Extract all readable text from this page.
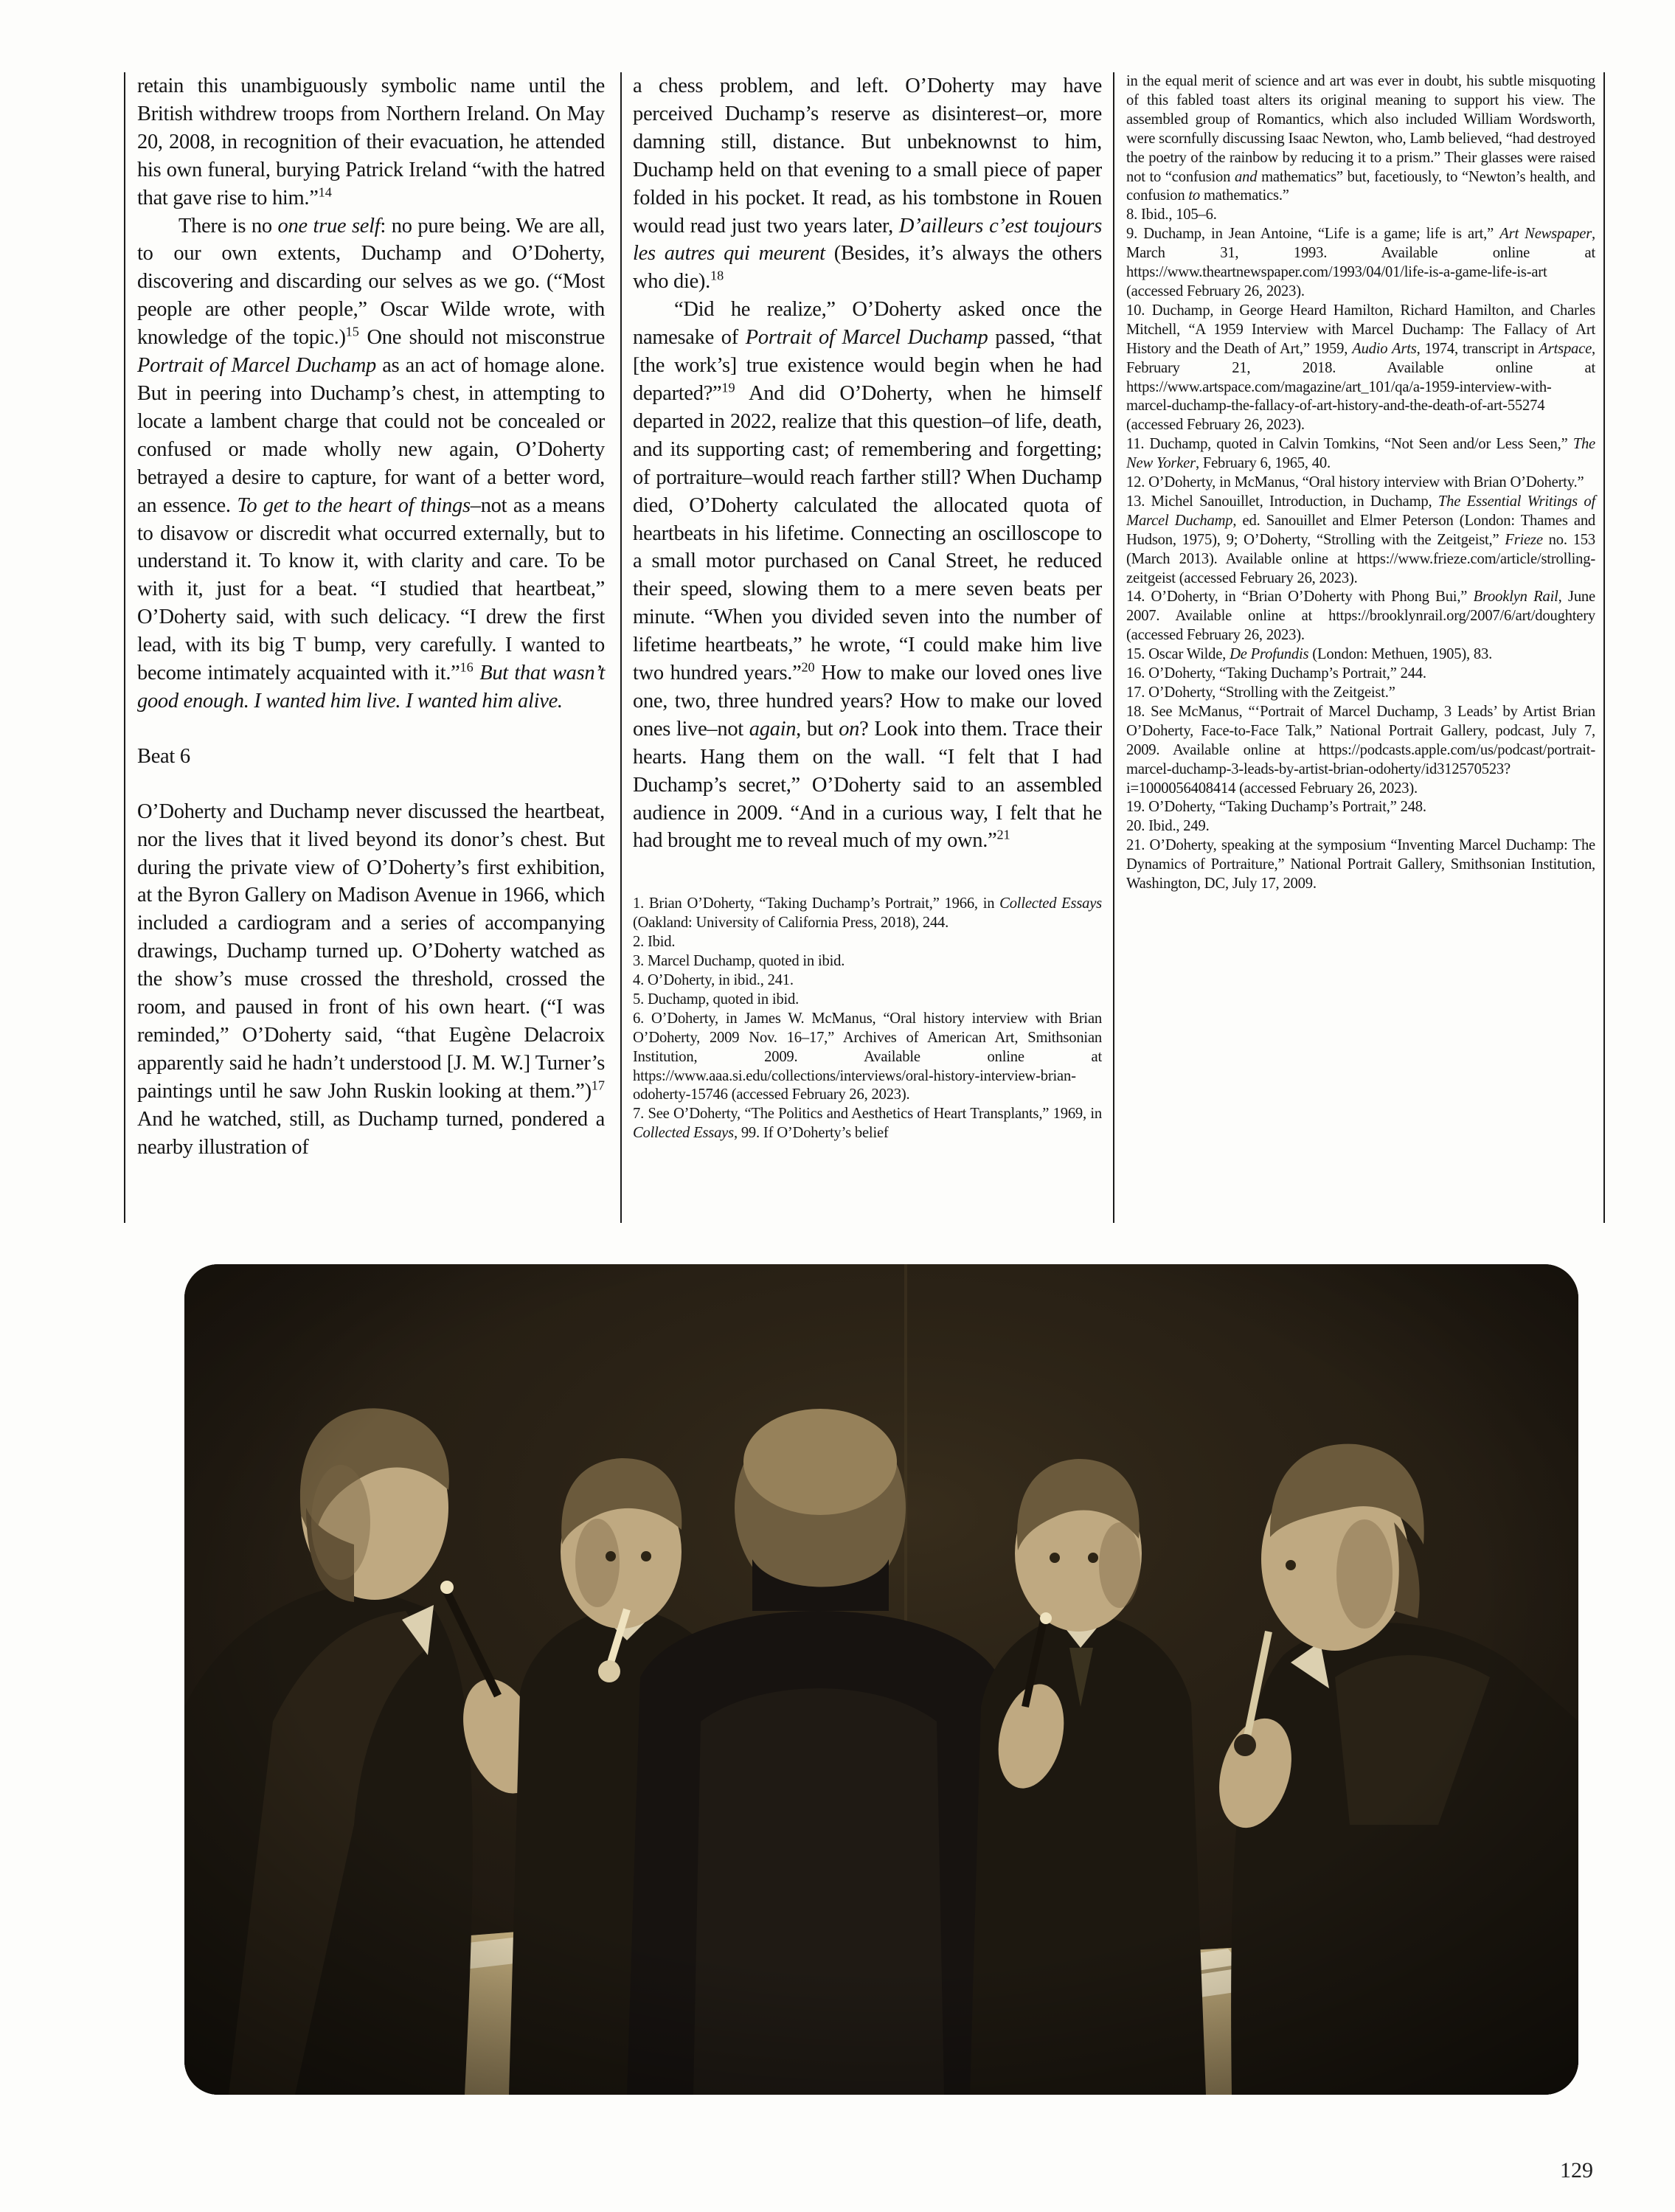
retain this unambiguously symbolic name until the British withdrew troops from Northern Ireland. On May 20, 2008, in recognition of their evacuation, he attended his own funeral, burying Patrick Ireland “with the hatred that gave rise to him.”$^{14}$

There is no one true self: no pure being. We are all, to our own extents, Duchamp and O’Doherty, discovering and discarding our selves as we go. (“Most people are other people,” Oscar Wilde wrote, with knowledge of the topic.)$^{15}$ One should not misconstrue Portrait of Marcel Duchamp as an act of homage alone. But in peering into Duchamp’s chest, in attempting to locate a lambent charge that could not be concealed or confused or made wholly new again, O’Doherty betrayed a desire to capture, for want of a better word, an essence. To get to the heart of things–not as a means to disavow or discredit what occurred externally, but to understand it. To know it, with clarity and care. To be with it, just for a beat. “I studied that heartbeat,” O’Doherty said, with such delicacy. “I drew the first lead, with its big T bump, very carefully. I wanted to become intimately acquainted with it.”$^{16}$ But that wasn’t good enough. I wanted him live. I wanted him alive.

Beat 6

O’Doherty and Duchamp never discussed the heartbeat, nor the lives that it lived beyond its donor’s chest. But during the private view of O’Doherty’s first exhibition, at the Byron Gallery on Madison Avenue in 1966, which included a cardiogram and a series of accompanying drawings, Duchamp turned up. O’Doherty watched as the show’s muse crossed the threshold, crossed the room, and paused in front of his own heart. (“I was reminded,” O’Doherty said, “that Eugène Delacroix apparently said he hadn’t understood [J. M. W.] Turner’s paintings until he saw John Ruskin looking at them.”)$^{17}$ And he watched, still, as Duchamp turned, pondered a nearby illustration of

a chess problem, and left. O’Doherty may have perceived Duchamp’s reserve as disinterest–or, more damning still, distance. But unbeknownst to him, Duchamp held on that evening to a small piece of paper folded in his pocket. It read, as his tombstone in Rouen would read just two years later, D’ailleurs c’est toujours les autres qui meurent (Besides, it’s always the others who die).$^{18}$

“Did he realize,” O’Doherty asked once the namesake of Portrait of Marcel Duchamp passed, “that [the work’s] true existence would begin when he had departed?”$^{19}$ And did O’Doherty, when he himself departed in 2022, realize that this question–of life, death, and its supporting cast; of remembering and forgetting; of portraiture–would reach farther still? When Duchamp died, O’Doherty calculated the allocated quota of heartbeats in his lifetime. Connecting an oscilloscope to a small motor purchased on Canal Street, he reduced their speed, slowing them to a mere seven beats per minute. “When you divided seven into the number of lifetime heartbeats,” he wrote, “I could make him live two hundred years.”$^{20}$ How to make our loved ones live one, two, three hundred years? How to make our loved ones live–not again, but on? Look into them. Trace their hearts. Hang them on the wall. “I felt that I had Duchamp’s secret,” O’Doherty said to an assembled audience in 2009. “And in a curious way, I felt that he had brought me to reveal much of my own.”$^{21}$

1. Brian O’Doherty, “Taking Duchamp’s Portrait,” 1966, in Collected Essays (Oakland: University of California Press, 2018), 244.

2. Ibid.

3. Marcel Duchamp, quoted in ibid.

4. O’Doherty, in ibid., 241.

5. Duchamp, quoted in ibid.

6. O’Doherty, in James W. McManus, “Oral history interview with Brian O’Doherty, 2009 Nov. 16–17,” Archives of American Art, Smithsonian Institution, 2009. Available online at https://www.aaa.si.edu/collections/interviews/oral-history-interview-brian-odoherty-15746 (accessed February 26, 2023).

7. See O’Doherty, “The Politics and Aesthetics of Heart Transplants,” 1969, in Collected Essays, 99. If O’Doherty’s belief

in the equal merit of science and art was ever in doubt, his subtle misquoting of this fabled toast alters its original meaning to support his view. The assembled group of Romantics, which also included William Wordsworth, were scornfully discussing Isaac Newton, who, Lamb believed, “had destroyed the poetry of the rainbow by reducing it to a prism.” Their glasses were raised not to “confusion and mathematics” but, facetiously, to “Newton’s health, and confusion to mathematics.”

8. Ibid., 105–6.

9. Duchamp, in Jean Antoine, “Life is a game; life is art,” Art Newspaper, March 31, 1993. Available online at https://www.theartnewspaper.com/1993/04/01/life-is-a-game-life-is-art (accessed February 26, 2023).

10. Duchamp, in George Heard Hamilton, Richard Hamilton, and Charles Mitchell, “A 1959 Interview with Marcel Duchamp: The Fallacy of Art History and the Death of Art,” 1959, Audio Arts, 1974, transcript in Artspace, February 21, 2018. Available online at https://www.artspace.com/magazine/art_101/qa/a-1959-interview-with-marcel-duchamp-the-fallacy-of-art-history-and-the-death-of-art-55274 (accessed February 26, 2023).

11. Duchamp, quoted in Calvin Tomkins, “Not Seen and/or Less Seen,” The New Yorker, February 6, 1965, 40.

12. O’Doherty, in McManus, “Oral history interview with Brian O’Doherty.”

13. Michel Sanouillet, Introduction, in Duchamp, The Essential Writings of Marcel Duchamp, ed. Sanouillet and Elmer Peterson (London: Thames and Hudson, 1975), 9; O’Doherty, “Strolling with the Zeitgeist,” Frieze no. 153 (March 2013). Available online at https://www.frieze.com/article/strolling-zeitgeist (accessed February 26, 2023).

14. O’Doherty, in “Brian O’Doherty with Phong Bui,” Brooklyn Rail, June 2007. Available online at https://brooklynrail.org/2007/6/art/doughtery (accessed February 26, 2023).

15. Oscar Wilde, De Profundis (London: Methuen, 1905), 83.

16. O’Doherty, “Taking Duchamp’s Portrait,” 244.

17. O’Doherty, “Strolling with the Zeitgeist.”

18. See McManus, “‘Portrait of Marcel Duchamp, 3 Leads’ by Artist Brian O’Doherty, Face-to-Face Talk,” National Portrait Gallery, podcast, July 7, 2009. Available online at https://podcasts.apple.com/us/podcast/portrait-marcel-duchamp-3-leads-by-artist-brian-odoherty/id312570523?i=1000056408414 (accessed February 26, 2023).

19. O’Doherty, “Taking Duchamp’s Portrait,” 248.

20. Ibid., 249.

21. O’Doherty, speaking at the symposium “Inventing Marcel Duchamp: The Dynamics of Portraiture,” National Portrait Gallery, Smithsonian Institution, Washington, DC, July 17, 2009.

129
